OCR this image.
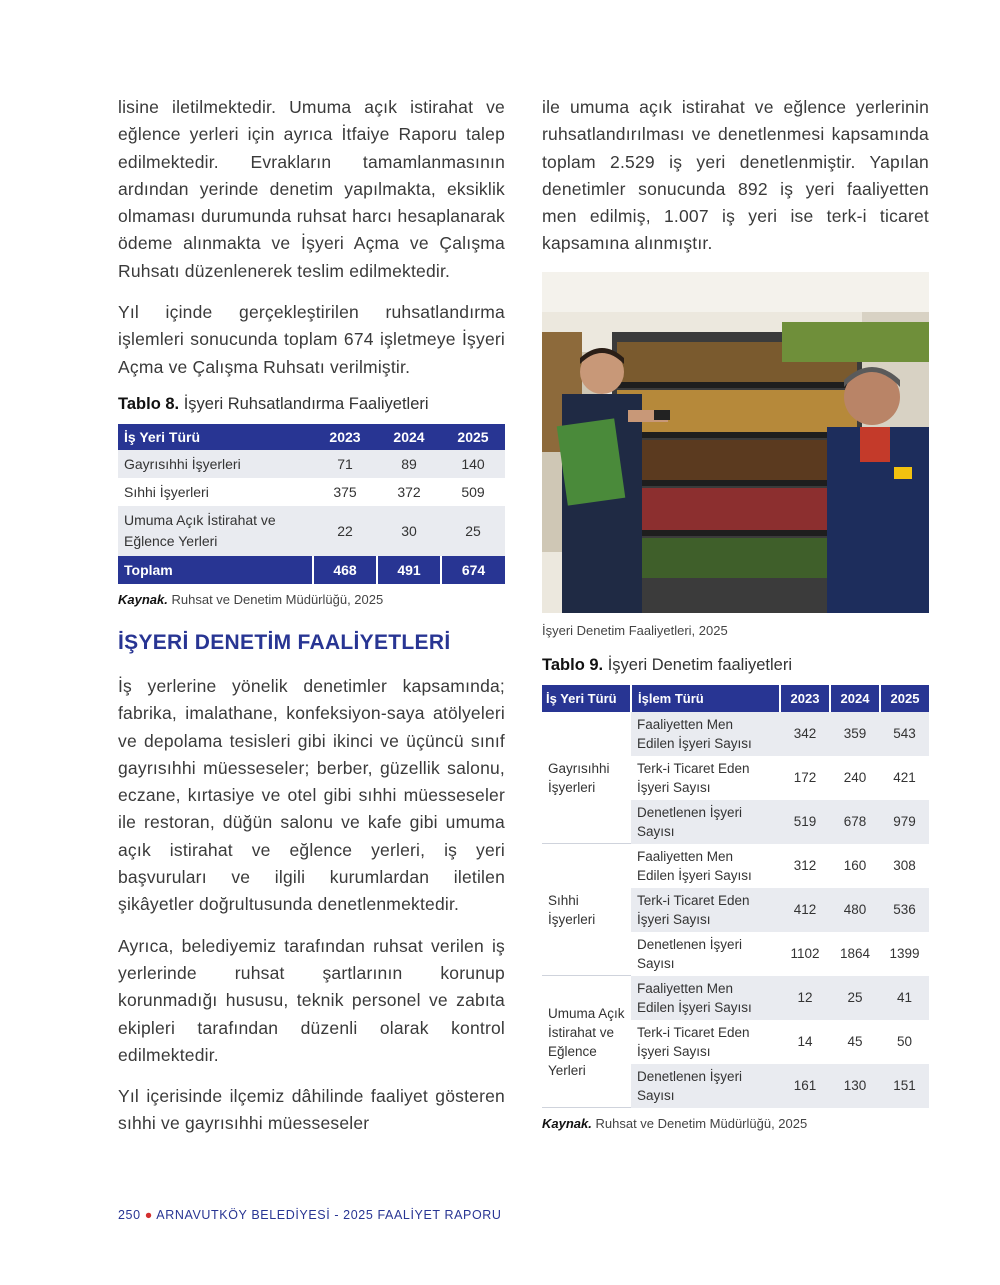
lisine iletilmektedir. Umuma açık istirahat ve eğlence yerleri için ayrıca İtfaiye Raporu talep edilmektedir. Evrakların tamamlanmasının ardından yerinde denetim yapılmakta, eksiklik olmaması durumunda ruhsat harcı hesaplanarak ödeme alınmakta ve İşyeri Açma ve Çalışma Ruhsatı düzenlenerek teslim edilmektedir.

Yıl içinde gerçekleştirilen ruhsatlandırma işlemleri sonucunda toplam 674 işletmeye İşyeri Açma ve Çalışma Ruhsatı verilmiştir.

Tablo 8. İşyeri Ruhsatlandırma Faaliyetleri
İş Yeri Türü	2023	2024	2025
Gayrısıhhi İşyerleri	71	89	140
Sıhhi İşyerleri	375	372	509
Umuma Açık İstirahat ve Eğlence Yerleri	22	30	25
Toplam	468	491	674
Kaynak. Ruhsat ve Denetim Müdürlüğü, 2025
İŞYERİ DENETİM FAALİYETLERİ

İş yerlerine yönelik denetimler kapsamında; fabrika, imalathane, konfeksiyon-saya atölyeleri ve depolama tesisleri gibi ikinci ve üçüncü sınıf gayrısıhhi müesseseler; berber, güzellik salonu, eczane, kırtasiye ve otel gibi sıhhi müesseseler ile restoran, düğün salonu ve kafe gibi umuma açık istirahat ve eğlence yerleri, iş yeri başvuruları ve ilgili kurumlardan iletilen şikâyetler doğrultusunda denetlenmektedir.

Ayrıca, belediyemiz tarafından ruhsat verilen iş yerlerinde ruhsat şartlarının korunup korunmadığı hususu, teknik personel ve zabıta ekipleri tarafından düzenli olarak kontrol edilmektedir.

Yıl içerisinde ilçemiz dâhilinde faaliyet gösteren sıhhi ve gayrısıhhi müesseseler

ile umuma açık istirahat ve eğlence yerlerinin ruhsatlandırılması ve denetlenmesi kapsamında toplam 2.529 iş yeri denetlenmiştir. Yapılan denetimler sonucunda 892 iş yeri faaliyetten men edilmiş, 1.007 iş yeri ise terk-i ticaret kapsamına alınmıştır.

İşyeri Denetim Faaliyetleri, 2025
Tablo 9. İşyeri Denetim faaliyetleri
İş Yeri Türü	İşlem Türü	2023	2024	2025
Gayrısıhhi İşyerleri	Faaliyetten Men Edilen İşyeri Sayısı	342	359	543
	Terk-i Ticaret Eden İşyeri Sayısı	172	240	421
	Denetlenen İşyeri Sayısı	519	678	979
Sıhhi İşyerleri	Faaliyetten Men Edilen İşyeri Sayısı	312	160	308
	Terk-i Ticaret Eden İşyeri Sayısı	412	480	536
	Denetlenen İşyeri Sayısı	1102	1864	1399
Umuma Açık İstirahat ve Eğlence Yerleri	Faaliyetten Men Edilen İşyeri Sayısı	12	25	41
	Terk-i Ticaret Eden İşyeri Sayısı	14	45	50
	Denetlenen İşyeri Sayısı	161	130	151
Kaynak. Ruhsat ve Denetim Müdürlüğü, 2025
250 ● ARNAVUTKÖY BELEDİYESİ - 2025 FAALİYET RAPORU
